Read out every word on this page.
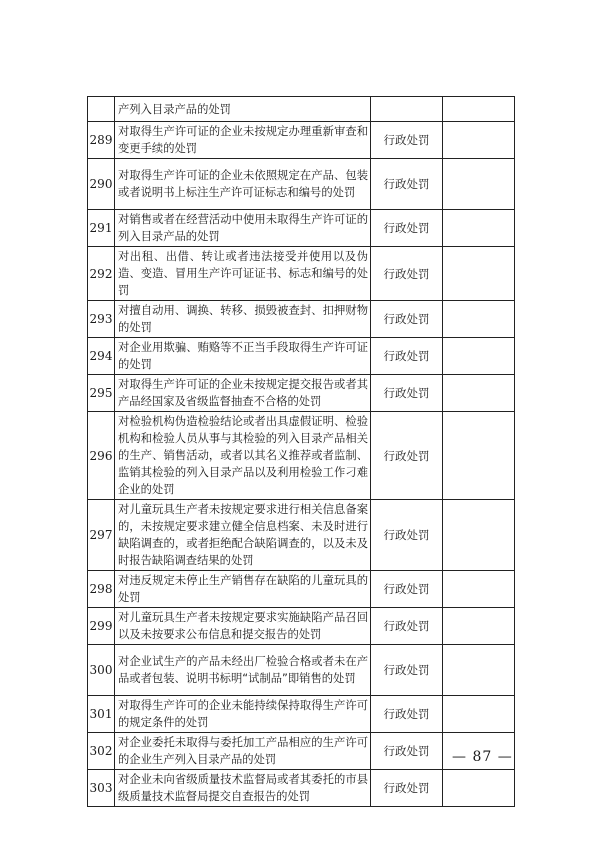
	产列入目录产品的处罚		
289	对取得生产许可证的企业未按规定办理重新审查和变更手续的处罚	行政处罚	
290	对取得生产许可证的企业未依照规定在产品、包装或者说明书上标注生产许可证标志和编号的处罚	行政处罚	
291	对销售或者在经营活动中使用未取得生产许可证的列入目录产品的处罚	行政处罚	
292	对出租、出借、转让或者违法接受并使用以及伪造、变造、冒用生产许可证证书、标志和编号的处罚	行政处罚	
293	对擅自动用、调换、转移、损毁被查封、扣押财物的处罚	行政处罚	
294	对企业用欺骗、贿赂等不正当手段取得生产许可证的处罚	行政处罚	
295	对取得生产许可证的企业未按规定提交报告或者其产品经国家及省级监督抽查不合格的处罚	行政处罚	
296	对检验机构伪造检验结论或者出具虚假证明、检验机构和检验人员从事与其检验的列入目录产品相关的生产、销售活动，或者以其名义推荐或者监制、监销其检验的列入目录产品以及利用检验工作刁难企业的处罚	行政处罚	
297	对儿童玩具生产者未按规定要求进行相关信息备案的，未按规定要求建立健全信息档案、未及时进行缺陷调查的，或者拒绝配合缺陷调查的，以及未及时报告缺陷调查结果的处罚	行政处罚	
298	对违反规定未停止生产销售存在缺陷的儿童玩具的处罚	行政处罚	
299	对儿童玩具生产者未按规定要求实施缺陷产品召回以及未按要求公布信息和提交报告的处罚	行政处罚	
300	对企业试生产的产品未经出厂检验合格或者未在产品或者包装、说明书标明“试制品”即销售的处罚	行政处罚	
301	对取得生产许可的企业未能持续保持取得生产许可的规定条件的处罚	行政处罚	
302	对企业委托未取得与委托加工产品相应的生产许可的企业生产列入目录产品的处罚	行政处罚	
303	对企业未向省级质量技术监督局或者其委托的市县级质量技术监督局提交自查报告的处罚	行政处罚	
— 87 —
